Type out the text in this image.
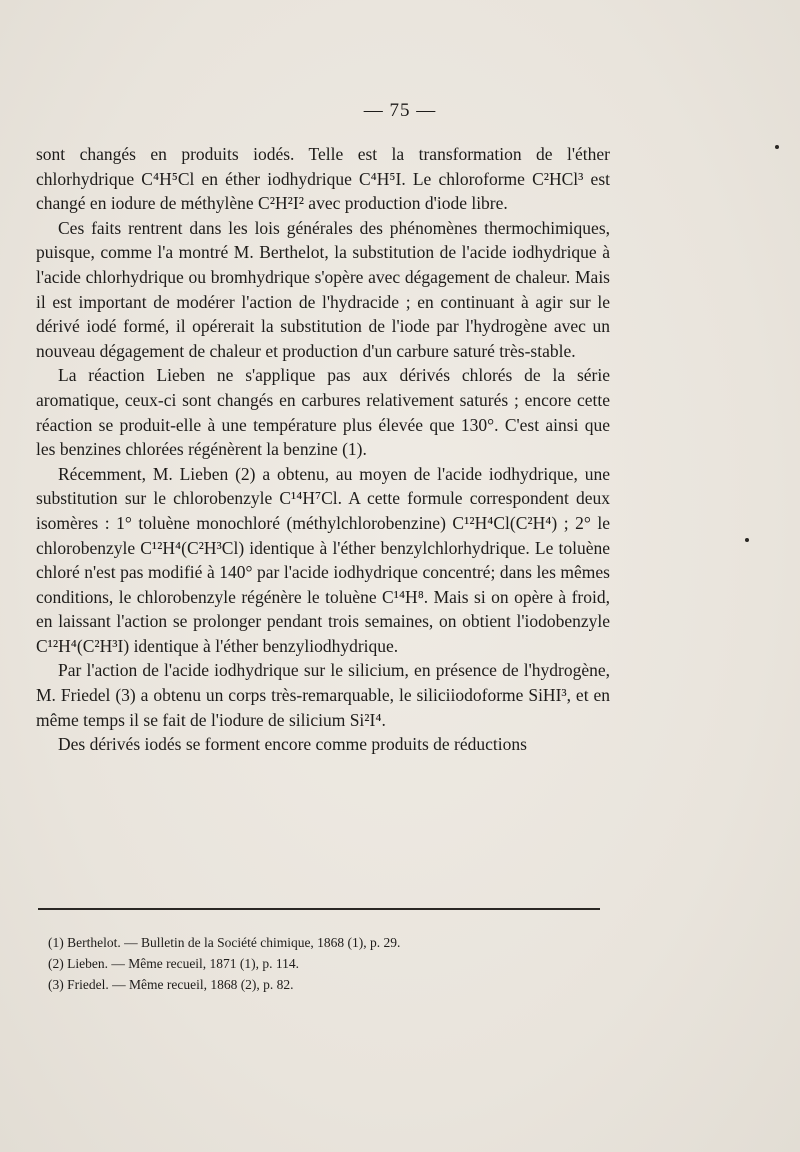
— 75 —

sont changés en produits iodés. Telle est la transformation de l'éther chlorhydrique C⁴H⁵Cl en éther iodhydrique C⁴H⁵I. Le chloroforme C²HCl³ est changé en iodure de méthylène C²H²I² avec production d'iode libre.

Ces faits rentrent dans les lois générales des phénomènes thermochimiques, puisque, comme l'a montré M. Berthelot, la substitution de l'acide iodhydrique à l'acide chlorhydrique ou bromhydrique s'opère avec dégagement de chaleur. Mais il est important de modérer l'action de l'hydracide ; en continuant à agir sur le dérivé iodé formé, il opérerait la substitution de l'iode par l'hydrogène avec un nouveau dégagement de chaleur et production d'un carbure saturé très-stable.

La réaction Lieben ne s'applique pas aux dérivés chlorés de la série aromatique, ceux-ci sont changés en carbures relativement saturés ; encore cette réaction se produit-elle à une température plus élevée que 130°. C'est ainsi que les benzines chlorées régénèrent la benzine (1).

Récemment, M. Lieben (2) a obtenu, au moyen de l'acide iodhydrique, une substitution sur le chlorobenzyle C¹⁴H⁷Cl. A cette formule correspondent deux isomères : 1° toluène monochloré (méthylchlorobenzine) C¹²H⁴Cl(C²H⁴) ; 2° le chlorobenzyle C¹²H⁴(C²H³Cl) identique à l'éther benzylchlorhydrique. Le toluène chloré n'est pas modifié à 140° par l'acide iodhydrique concentré; dans les mêmes conditions, le chlorobenzyle régénère le toluène C¹⁴H⁸. Mais si on opère à froid, en laissant l'action se prolonger pendant trois semaines, on obtient l'iodobenzyle C¹²H⁴(C²H³I) identique à l'éther benzyliodhydrique.

Par l'action de l'acide iodhydrique sur le silicium, en présence de l'hydrogène, M. Friedel (3) a obtenu un corps très-remarquable, le siliciiodoforme SiHI³, et en même temps il se fait de l'iodure de silicium Si²I⁴.

Des dérivés iodés se forment encore comme produits de réductions

(1) Berthelot. — Bulletin de la Société chimique, 1868 (1), p. 29.
(2) Lieben. — Même recueil, 1871 (1), p. 114.
(3) Friedel. — Même recueil, 1868 (2), p. 82.
